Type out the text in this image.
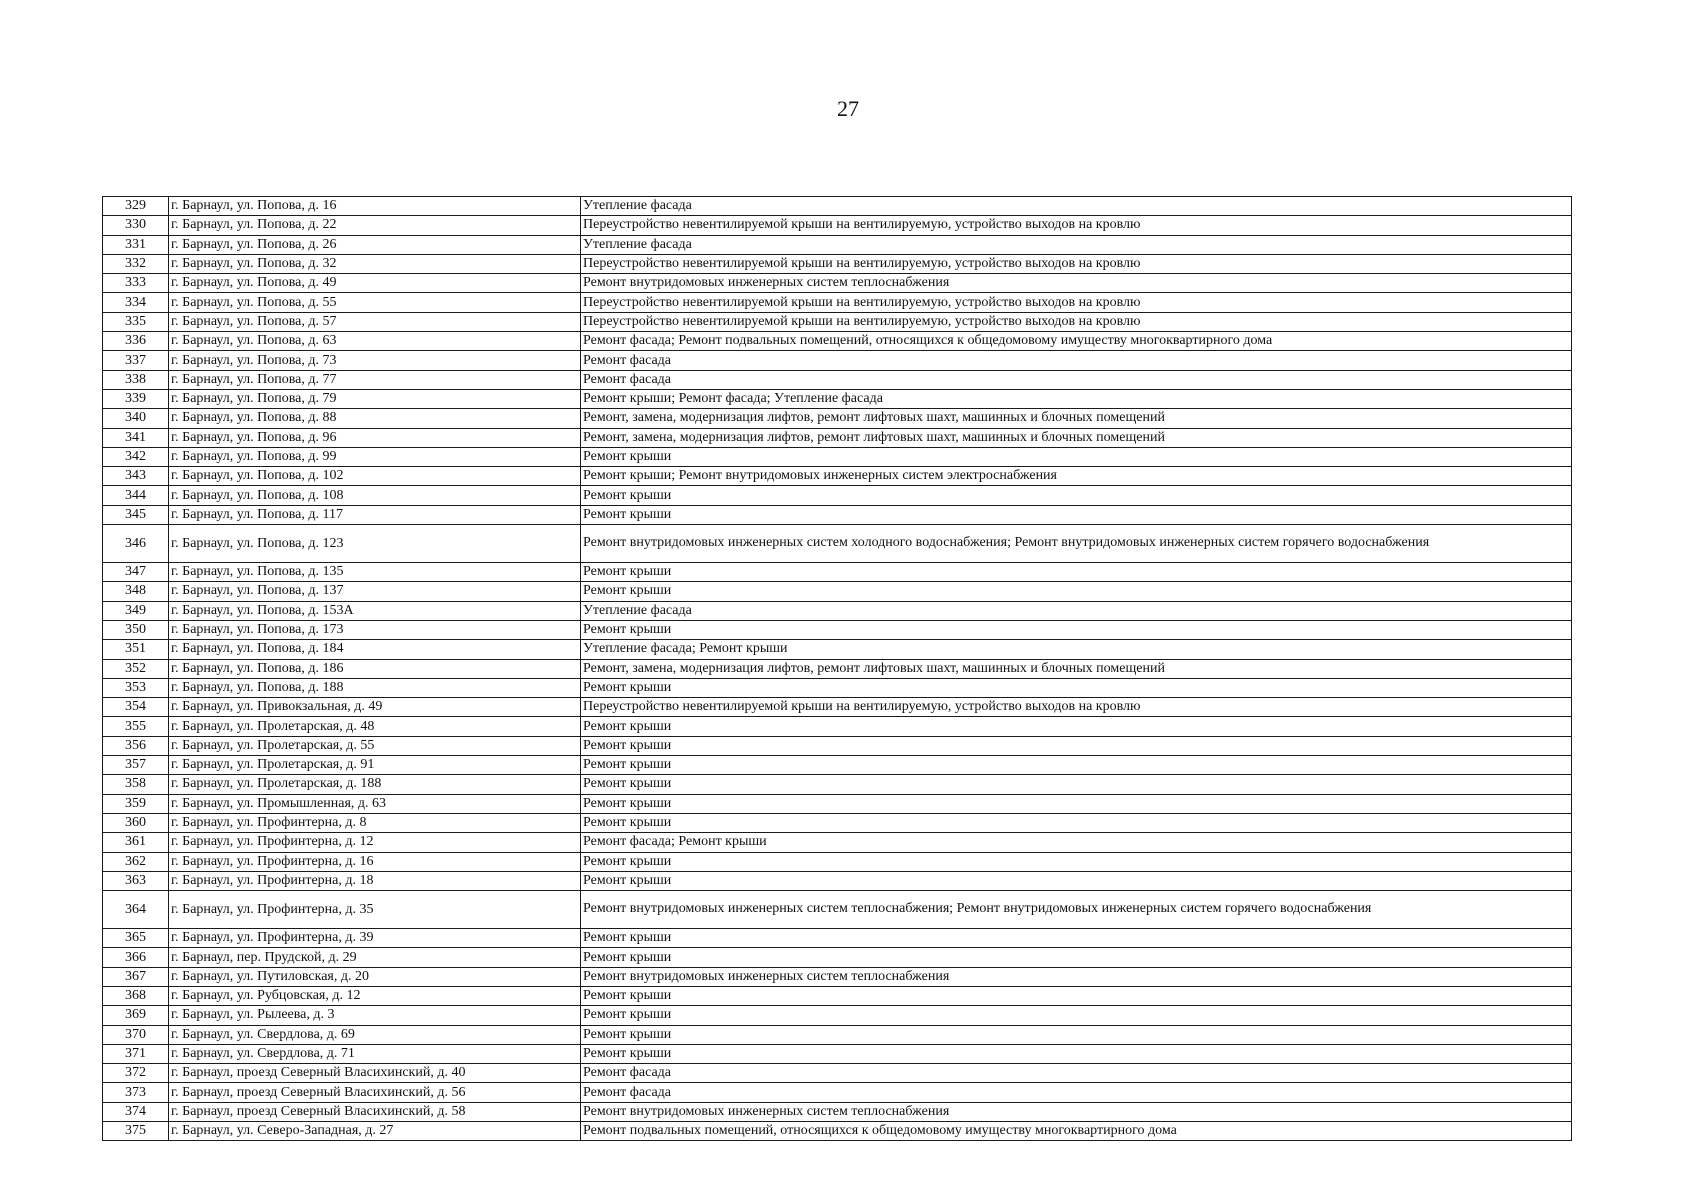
27
329	г. Барнаул, ул. Попова, д. 16	Утепление фасада
330	г. Барнаул, ул. Попова, д. 22	Переустройство невентилируемой крыши на вентилируемую, устройство выходов на кровлю
331	г. Барнаул, ул. Попова, д. 26	Утепление фасада
332	г. Барнаул, ул. Попова, д. 32	Переустройство невентилируемой крыши на вентилируемую, устройство выходов на кровлю
333	г. Барнаул, ул. Попова, д. 49	Ремонт внутридомовых инженерных систем теплоснабжения
334	г. Барнаул, ул. Попова, д. 55	Переустройство невентилируемой крыши на вентилируемую, устройство выходов на кровлю
335	г. Барнаул, ул. Попова, д. 57	Переустройство невентилируемой крыши на вентилируемую, устройство выходов на кровлю
336	г. Барнаул, ул. Попова, д. 63	Ремонт фасада; Ремонт подвальных помещений, относящихся к общедомовому имуществу многоквартирного дома
337	г. Барнаул, ул. Попова, д. 73	Ремонт фасада
338	г. Барнаул, ул. Попова, д. 77	Ремонт фасада
339	г. Барнаул, ул. Попова, д. 79	Ремонт крыши; Ремонт фасада; Утепление фасада
340	г. Барнаул, ул. Попова, д. 88	Ремонт, замена, модернизация лифтов, ремонт лифтовых шахт, машинных и блочных помещений
341	г. Барнаул, ул. Попова, д. 96	Ремонт, замена, модернизация лифтов, ремонт лифтовых шахт, машинных и блочных помещений
342	г. Барнаул, ул. Попова, д. 99	Ремонт крыши
343	г. Барнаул, ул. Попова, д. 102	Ремонт крыши; Ремонт внутридомовых инженерных систем электроснабжения
344	г. Барнаул, ул. Попова, д. 108	Ремонт крыши
345	г. Барнаул, ул. Попова, д. 117	Ремонт крыши
346	г. Барнаул, ул. Попова, д. 123	Ремонт внутридомовых инженерных систем холодного водоснабжения; Ремонт внутридомовых инженерных систем горячего водоснабжения
347	г. Барнаул, ул. Попова, д. 135	Ремонт крыши
348	г. Барнаул, ул. Попова, д. 137	Ремонт крыши
349	г. Барнаул, ул. Попова, д. 153А	Утепление фасада
350	г. Барнаул, ул. Попова, д. 173	Ремонт крыши
351	г. Барнаул, ул. Попова, д. 184	Утепление фасада; Ремонт крыши
352	г. Барнаул, ул. Попова, д. 186	Ремонт, замена, модернизация лифтов, ремонт лифтовых шахт, машинных и блочных помещений
353	г. Барнаул, ул. Попова, д. 188	Ремонт крыши
354	г. Барнаул, ул. Привокзальная, д. 49	Переустройство невентилируемой крыши на вентилируемую, устройство выходов на кровлю
355	г. Барнаул, ул. Пролетарская, д. 48	Ремонт крыши
356	г. Барнаул, ул. Пролетарская, д. 55	Ремонт крыши
357	г. Барнаул, ул. Пролетарская, д. 91	Ремонт крыши
358	г. Барнаул, ул. Пролетарская, д. 188	Ремонт крыши
359	г. Барнаул, ул. Промышленная, д. 63	Ремонт крыши
360	г. Барнаул, ул. Профинтерна, д. 8	Ремонт крыши
361	г. Барнаул, ул. Профинтерна, д. 12	Ремонт фасада; Ремонт крыши
362	г. Барнаул, ул. Профинтерна, д. 16	Ремонт крыши
363	г. Барнаул, ул. Профинтерна, д. 18	Ремонт крыши
364	г. Барнаул, ул. Профинтерна, д. 35	Ремонт внутридомовых инженерных систем теплоснабжения; Ремонт внутридомовых инженерных систем горячего водоснабжения
365	г. Барнаул, ул. Профинтерна, д. 39	Ремонт крыши
366	г. Барнаул, пер. Прудской, д. 29	Ремонт крыши
367	г. Барнаул, ул. Путиловская, д. 20	Ремонт внутридомовых инженерных систем теплоснабжения
368	г. Барнаул, ул. Рубцовская, д. 12	Ремонт крыши
369	г. Барнаул, ул. Рылеева, д. 3	Ремонт крыши
370	г. Барнаул, ул. Свердлова, д. 69	Ремонт крыши
371	г. Барнаул, ул. Свердлова, д. 71	Ремонт крыши
372	г. Барнаул, проезд Северный Власихинский, д. 40	Ремонт фасада
373	г. Барнаул, проезд Северный Власихинский, д. 56	Ремонт фасада
374	г. Барнаул, проезд Северный Власихинский, д. 58	Ремонт внутридомовых инженерных систем теплоснабжения
375	г. Барнаул, ул. Северо-Западная, д. 27	Ремонт подвальных помещений, относящихся к общедомовому имуществу многоквартирного дома
